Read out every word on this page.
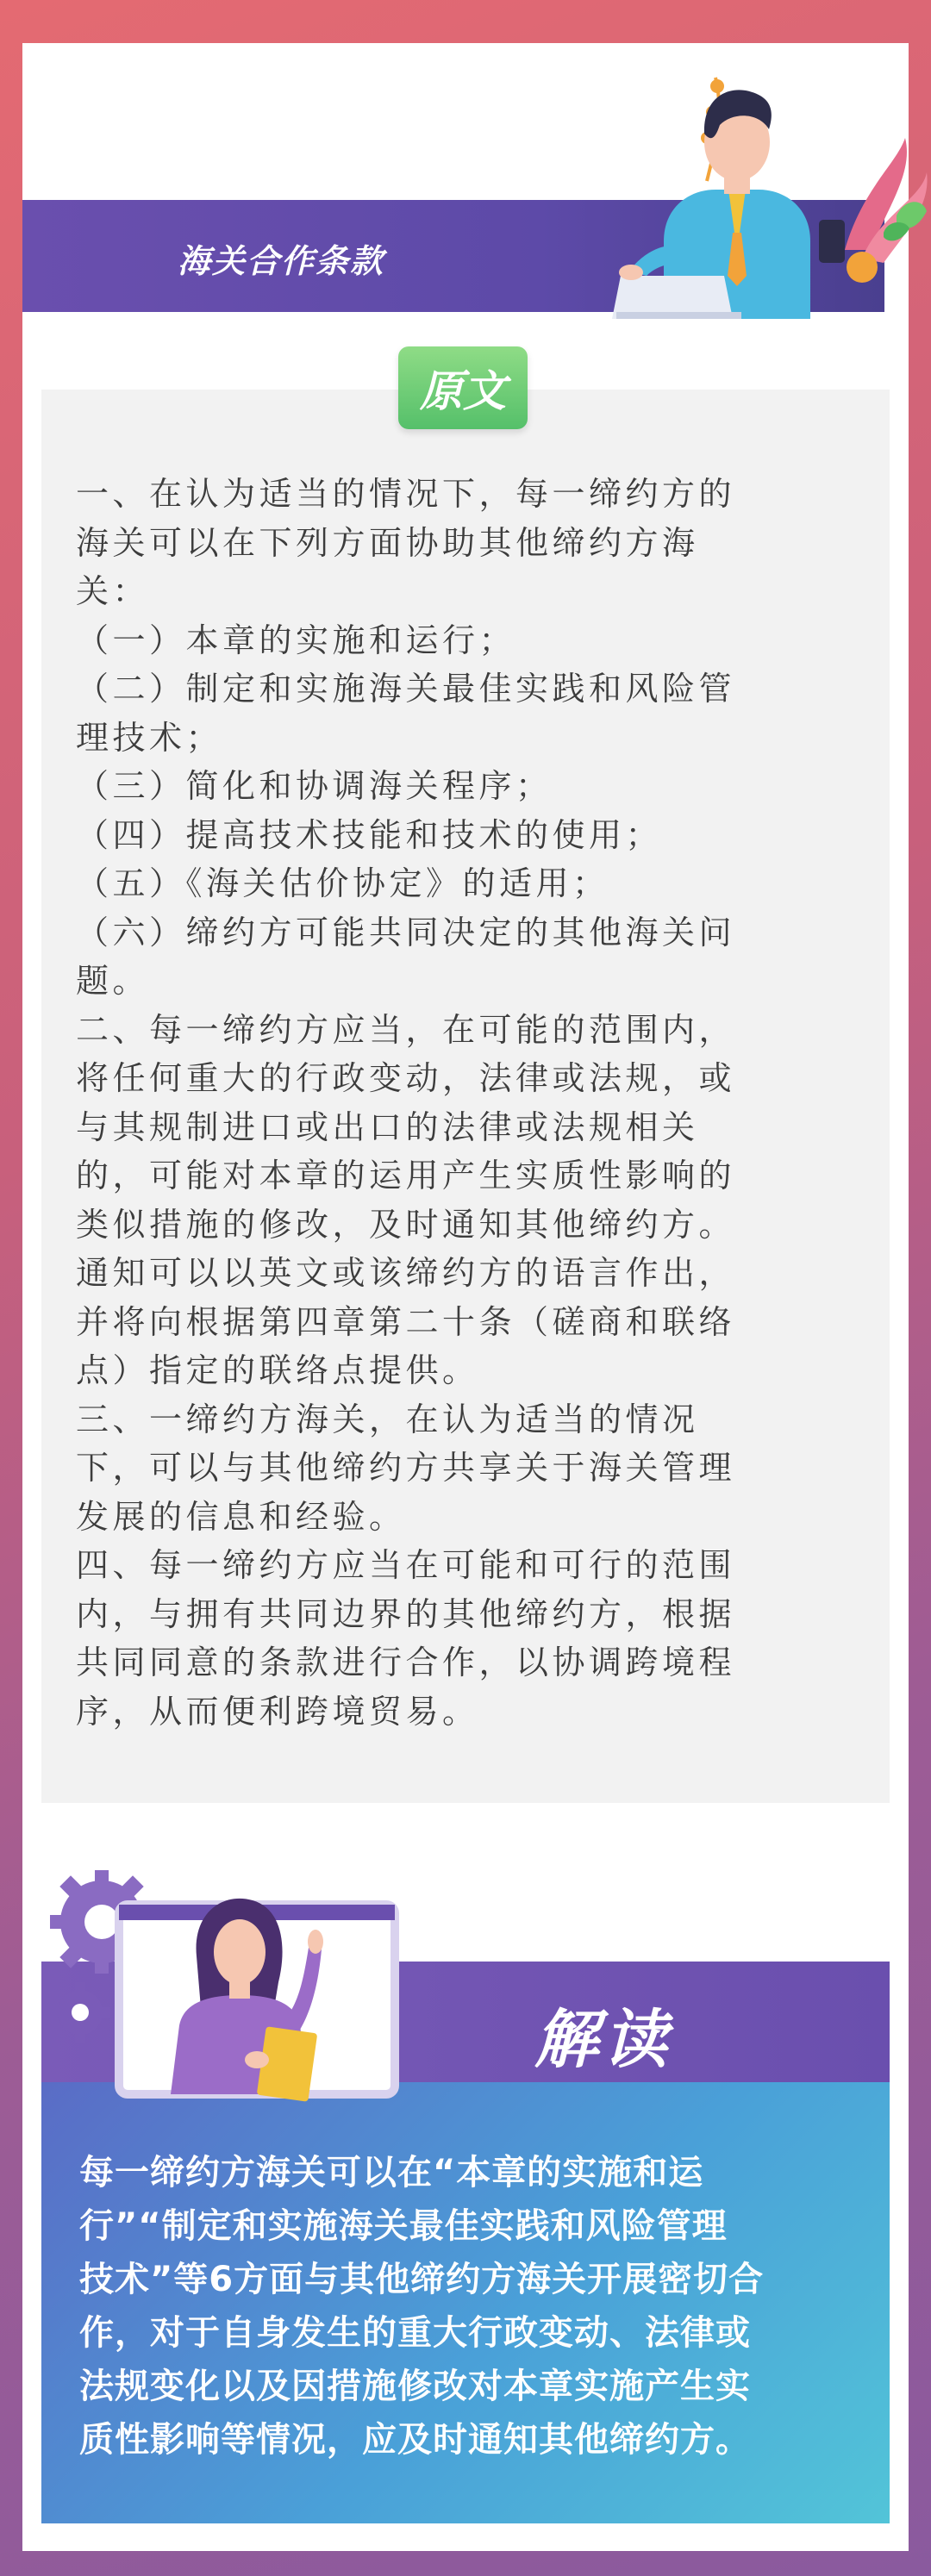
海关合作条款
原文

一、在认为适当的情况下，每一缔约方的

海关可以在下列方面协助其他缔约方海

关：

（一）本章的实施和运行；

（二）制定和实施海关最佳实践和风险管

理技术；

（三）简化和协调海关程序；

（四）提高技术技能和技术的使用；

（五）《海关估价协定》的适用；

（六）缔约方可能共同决定的其他海关问

题。

二、每一缔约方应当，在可能的范围内，

将任何重大的行政变动，法律或法规，或

与其规制进口或出口的法律或法规相关

的，可能对本章的运用产生实质性影响的

类似措施的修改，及时通知其他缔约方。

通知可以以英文或该缔约方的语言作出，

并将向根据第四章第二十条（磋商和联络

点）指定的联络点提供。

三、一缔约方海关，在认为适当的情况

下，可以与其他缔约方共享关于海关管理

发展的信息和经验。

四、每一缔约方应当在可能和可行的范围

内，与拥有共同边界的其他缔约方，根据

共同同意的条款进行合作，以协调跨境程

序，从而便利跨境贸易。

解读

每一缔约方海关可以在“本章的实施和运

行”“制定和实施海关最佳实践和风险管理

技术”等6方面与其他缔约方海关开展密切合

作，对于自身发生的重大行政变动、法律或

法规变化以及因措施修改对本章实施产生实

质性影响等情况，应及时通知其他缔约方。
